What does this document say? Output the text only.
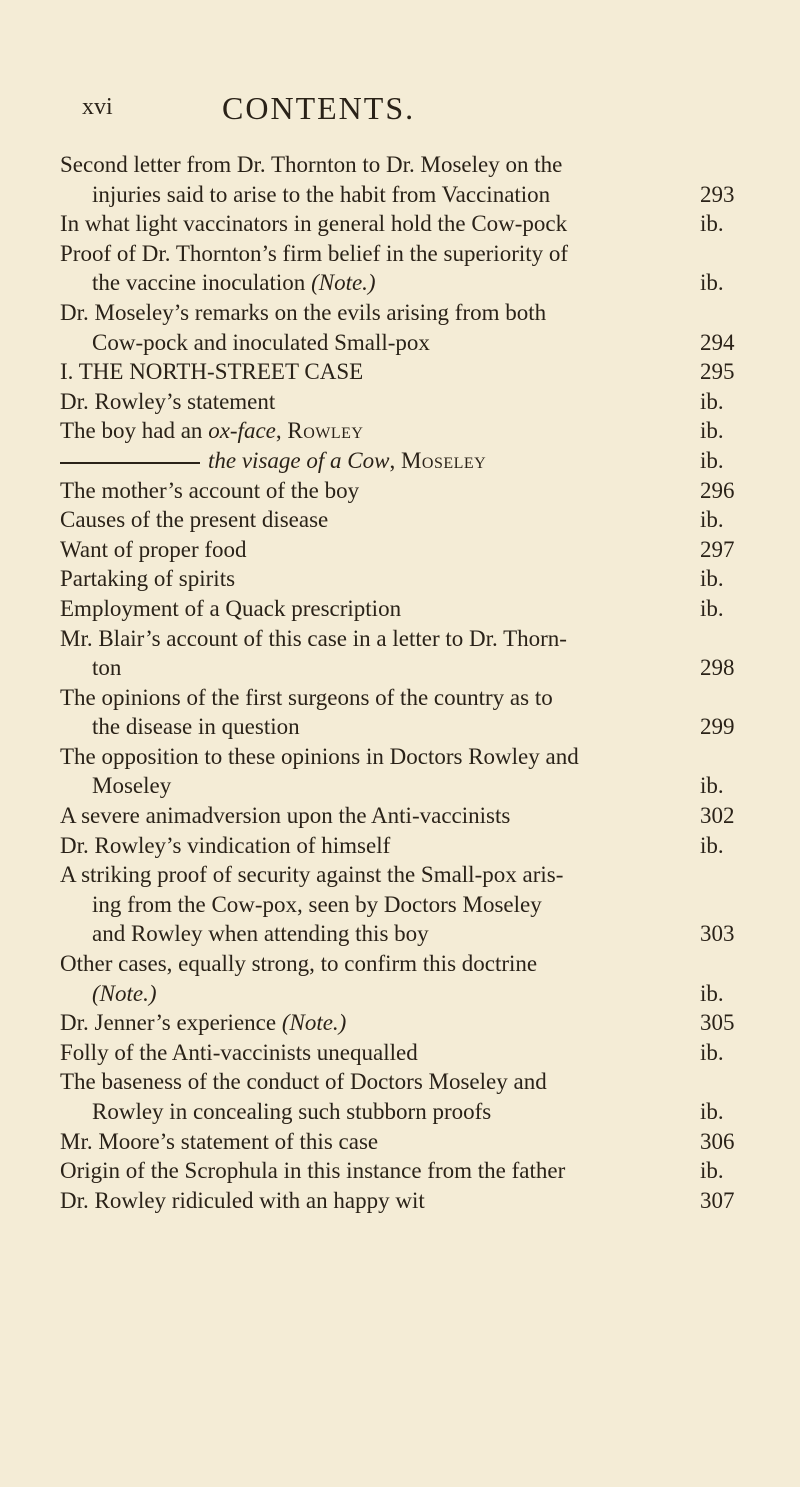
xvi	CONTENTS.
Second letter from Dr. Thornton to Dr. Moseley on the
injuries said to arise to the habit from Vaccination	293
In what light vaccinators in general hold the Cow-pock	ib.
Proof of Dr. Thornton’s firm belief in the superiority of
the vaccine inoculation (Note.)	ib.
Dr. Moseley’s remarks on the evils arising from both
Cow-pock and inoculated Small-pox	294
I. THE NORTH-STREET CASE	295
Dr. Rowley’s statement	ib.
The boy had an ox-face, Rowley	ib.
the visage of a Cow, Moseley	ib.
The mother’s account of the boy	296
Causes of the present disease	ib.
Want of proper food	297
Partaking of spirits	ib.
Employment of a Quack prescription	ib.
Mr. Blair’s account of this case in a letter to Dr. Thorn-
ton	298
The opinions of the first surgeons of the country as to
the disease in question	299
The opposition to these opinions in Doctors Rowley and
Moseley	ib.
A severe animadversion upon the Anti-vaccinists	302
Dr. Rowley’s vindication of himself	ib.
A striking proof of security against the Small-pox aris-
ing from the Cow-pox, seen by Doctors Moseley
and Rowley when attending this boy	303
Other cases, equally strong, to confirm this doctrine
(Note.)	ib.
Dr. Jenner’s experience (Note.)	305
Folly of the Anti-vaccinists unequalled	ib.
The baseness of the conduct of Doctors Moseley and
Rowley in concealing such stubborn proofs	ib.
Mr. Moore’s statement of this case	306
Origin of the Scrophula in this instance from the father	ib.
Dr. Rowley ridiculed with an happy wit	307
